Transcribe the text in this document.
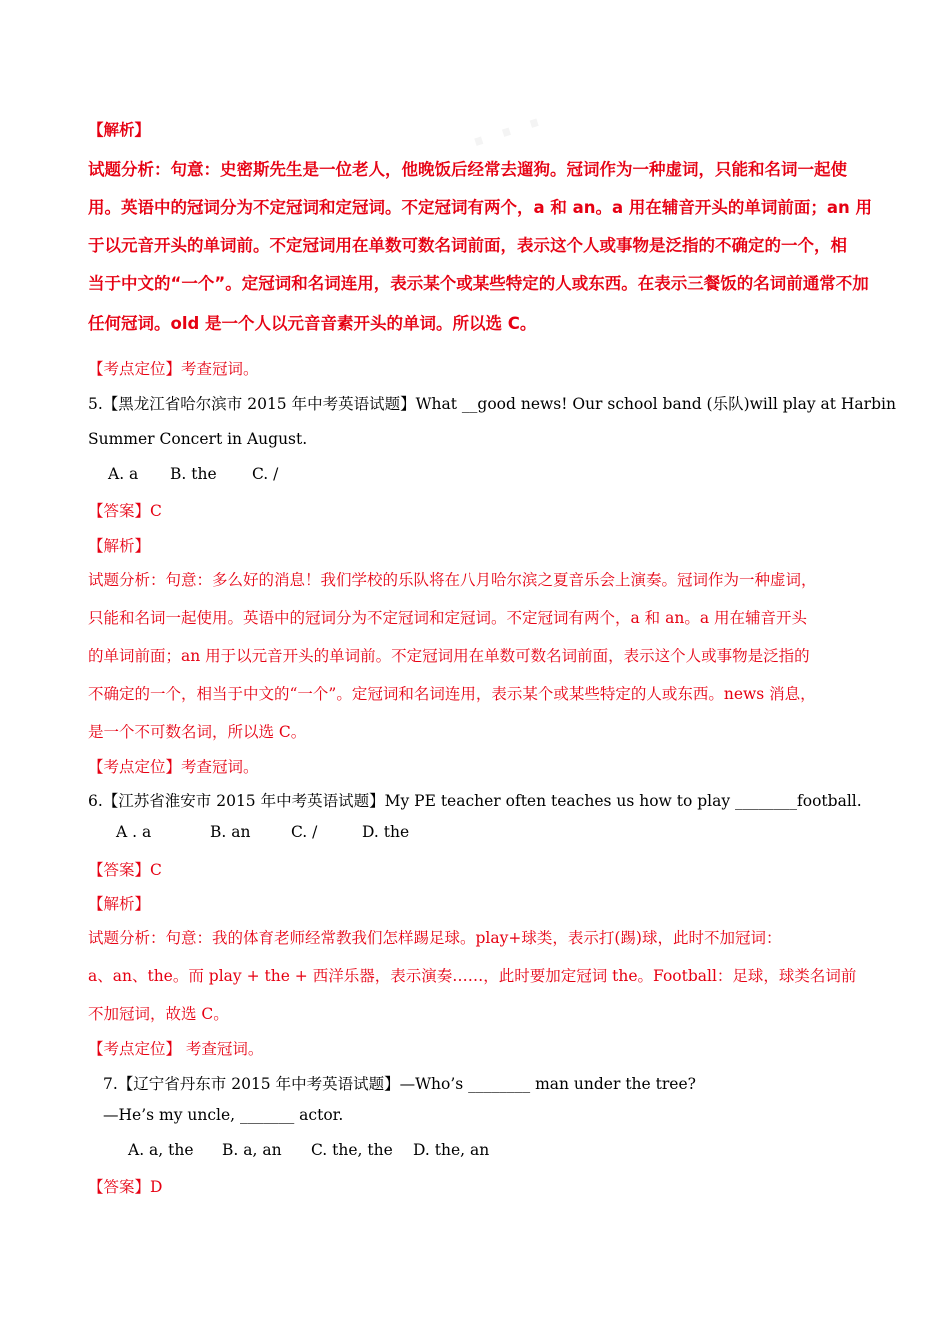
· · ·
【解析】
试题分析：句意：史密斯先生是一位老人，他晚饭后经常去遛狗。冠词作为一种虚词，只能和名词一起使
用。英语中的冠词分为不定冠词和定冠词。不定冠词有两个，a 和 an。a 用在辅音开头的单词前面；an 用
于以元音开头的单词前。不定冠词用在单数可数名词前面，表示这个人或事物是泛指的不确定的一个，相
当于中文的“一个”。定冠词和名词连用，表示某个或某些特定的人或东西。在表示三餐饭的名词前通常不加
任何冠词。old 是一个人以元音音素开头的单词。所以选 C。
【考点定位】考查冠词。
5.【黑龙江省哈尔滨市 2015 年中考英语试题】What __good news! Our school band (乐队)will play at Harbin
Summer Concert in August.
A. a B. the C. /
【答案】C
【解析】
试题分析：句意：多么好的消息！我们学校的乐队将在八月哈尔滨之夏音乐会上演奏。冠词作为一种虚词，
只能和名词一起使用。英语中的冠词分为不定冠词和定冠词。不定冠词有两个，a 和 an。a 用在辅音开头
的单词前面；an 用于以元音开头的单词前。不定冠词用在单数可数名词前面，表示这个人或事物是泛指的
不确定的一个，相当于中文的“一个”。定冠词和名词连用，表示某个或某些特定的人或东西。news 消息，
是一个不可数名词，所以选 C。
【考点定位】考查冠词。
6.【江苏省淮安市 2015 年中考英语试题】My PE teacher often teaches us how to play ________football.
A . a	B. an	C. /	D. the
【答案】C
【解析】
试题分析：句意：我的体育老师经常教我们怎样踢足球。play+球类，表示打(踢)球，此时不加冠词：
a、an、the。而 play + the + 西洋乐器，表示演奏……，此时要加定冠词 the。Football：足球，球类名词前
不加冠词，故选 C。
【考点定位】 考查冠词。
7.【辽宁省丹东市 2015 年中考英语试题】—Who’s ________ man under the tree?
—He’s my uncle, _______ actor.
A. a, the B. a, an C. the, the D. the, an
【答案】D
